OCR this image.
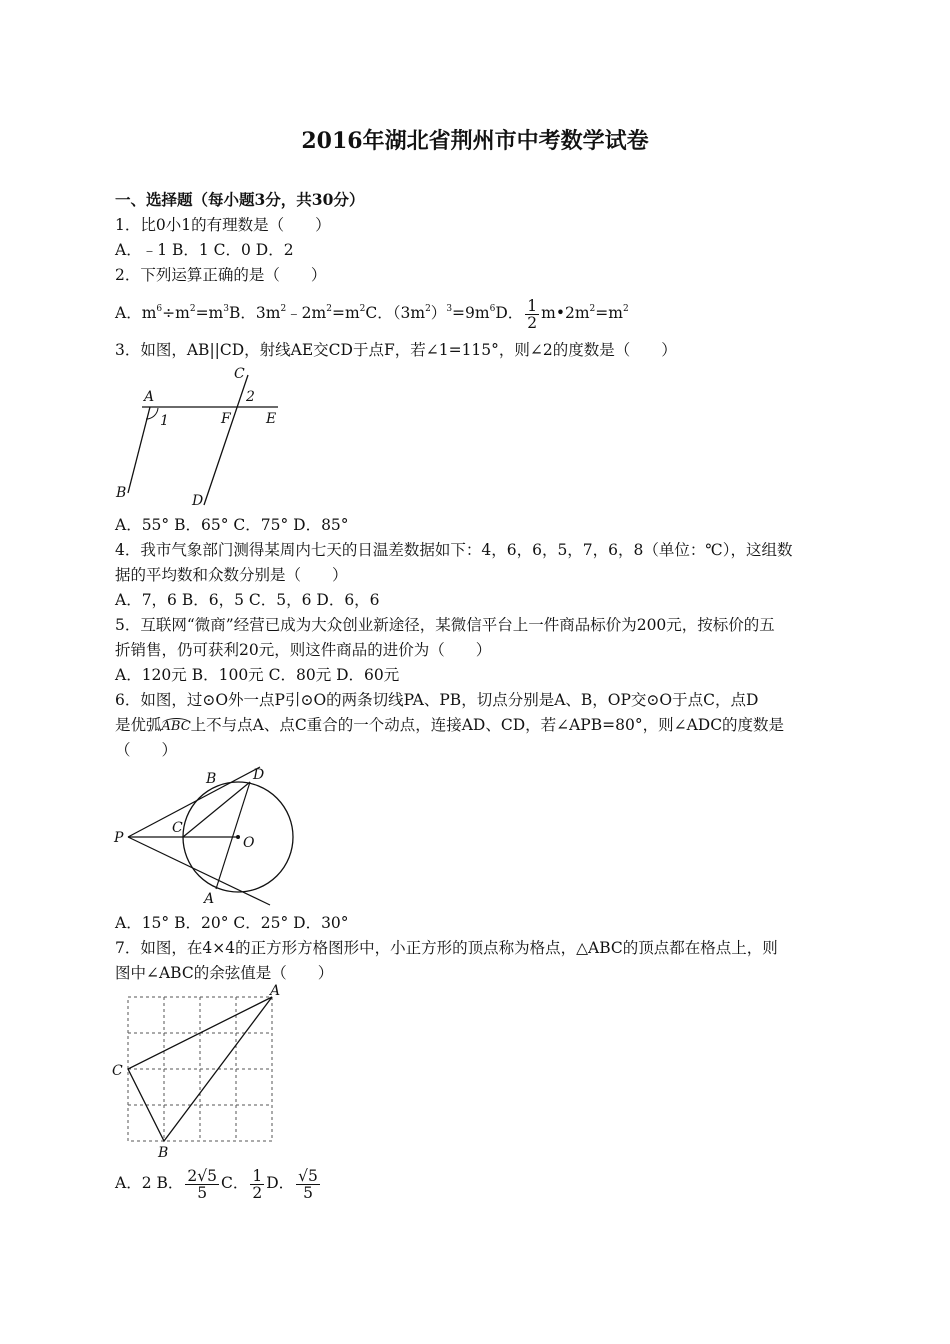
2016年湖北省荆州市中考数学试卷
一、选择题（每小题3分，共30分）
1．比0小1的有理数是（　　）
A．﹣1 B．1 C．0 D．2
2．下列运算正确的是（　　）
A．$m^6\div m^2=m^3B$．$3m^2﹣2m^2=m^2C$．$(3m^2)^3=9m^6D$． $\frac{1}{2}$ $m•2m^2=m^2$
3．如图，AB||CD，射线AE交CD于点F，若∠1=115°，则∠2的度数是（　　）
A
1
B
C
2
F	E
D
A．55° B．65° C．75° D．85°
4．我市气象部门测得某周内七天的日温差数据如下：4，6，6，5，7，6，8（单位：℃），这组数
据的平均数和众数分别是（　　）
A．7，6 B．6，5 C．5，6 D．6，6
5．互联网“微商”经营已成为大众创业新途径，某微信平台上一件商品标价为200元，按标价的五
折销售，仍可获利20元，则这件商品的进价为（　　）
A．120元 B．100元 C．80元 D．60元
6．如图，过⊙O外一点P引⊙O的两条切线PA、PB，切点分别是A、B，OP交⊙O于点C，点D
是优弧ABC上不与点A、点C重合的一个动点，连接AD、CD，若∠APB=80°，则∠ADC的度数是
（　　）
P
B	D
C
O
A
A．15° B．20° C．25° D．30°
7．如图，在4×4的正方形方格图形中，小正方形的顶点称为格点，△ABC的顶点都在格点上，则
图中∠ABC的余弦值是（　　）
A
C
B
A．2 B． $\frac{2√5}{5}$ C． $\frac{1}{2}$ D． $\frac{√5}{5}$
